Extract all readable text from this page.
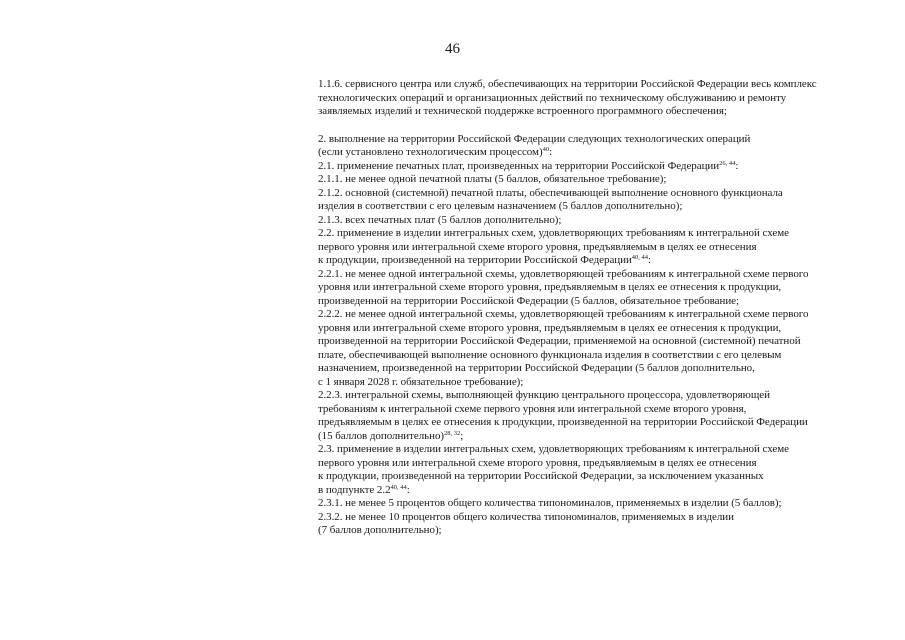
46
1.1.6. сервисного центра или служб, обеспечивающих на территории Российской Федерации весь комплекс
технологических операций и организационных действий по техническому обслуживанию и ремонту
заявляемых изделий и технической поддержке встроенного программного обеспечения;
2. выполнение на территории Российской Федерации следующих технологических операций
(если установлено технологическим процессом)$^{40}$:
2.1. применение печатных плат, произведенных на территории Российской Федерации$^{26, 44}$:
2.1.1. не менее одной печатной платы (5 баллов, обязательное требование);
2.1.2. основной (системной) печатной платы, обеспечивающей выполнение основного функционала
изделия в соответствии с его целевым назначением (5 баллов дополнительно);
2.1.3. всех печатных плат (5 баллов дополнительно);
2.2. применение в изделии интегральных схем, удовлетворяющих требованиям к интегральной схеме
первого уровня или интегральной схеме второго уровня, предъявляемым в целях ее отнесения
к продукции, произведенной на территории Российской Федерации$^{40, 44}$:
2.2.1. не менее одной интегральной схемы, удовлетворяющей требованиям к интегральной схеме первого
уровня или интегральной схеме второго уровня, предъявляемым в целях ее отнесения к продукции,
произведенной на территории Российской Федерации (5 баллов, обязательное требование;
2.2.2. не менее одной интегральной схемы, удовлетворяющей требованиям к интегральной схеме первого
уровня или интегральной схеме второго уровня, предъявляемым в целях ее отнесения к продукции,
произведенной на территории Российской Федерации, применяемой на основной (системной) печатной
плате, обеспечивающей выполнение основного функционала изделия в соответствии с его целевым
назначением, произведенной на территории Российской Федерации (5 баллов дополнительно,
с 1 января 2028 г. обязательное требование);
2.2.3. интегральной схемы, выполняющей функцию центрального процессора, удовлетворяющей
требованиям к интегральной схеме первого уровня или интегральной схеме второго уровня,
предъявляемым в целях ее отнесения к продукции, произведенной на территории Российской Федерации
(15 баллов дополнительно)$^{28, 32}$;
2.3. применение в изделии интегральных схем, удовлетворяющих требованиям к интегральной схеме
первого уровня или интегральной схеме второго уровня, предъявляемым в целях ее отнесения
к продукции, произведенной на территории Российской Федерации, за исключением указанных
в подпункте 2.2$^{40, 44}$:
2.3.1. не менее 5 процентов общего количества типономиналов, применяемых в изделии (5 баллов);
2.3.2. не менее 10 процентов общего количества типономиналов, применяемых в изделии
(7 баллов дополнительно);
